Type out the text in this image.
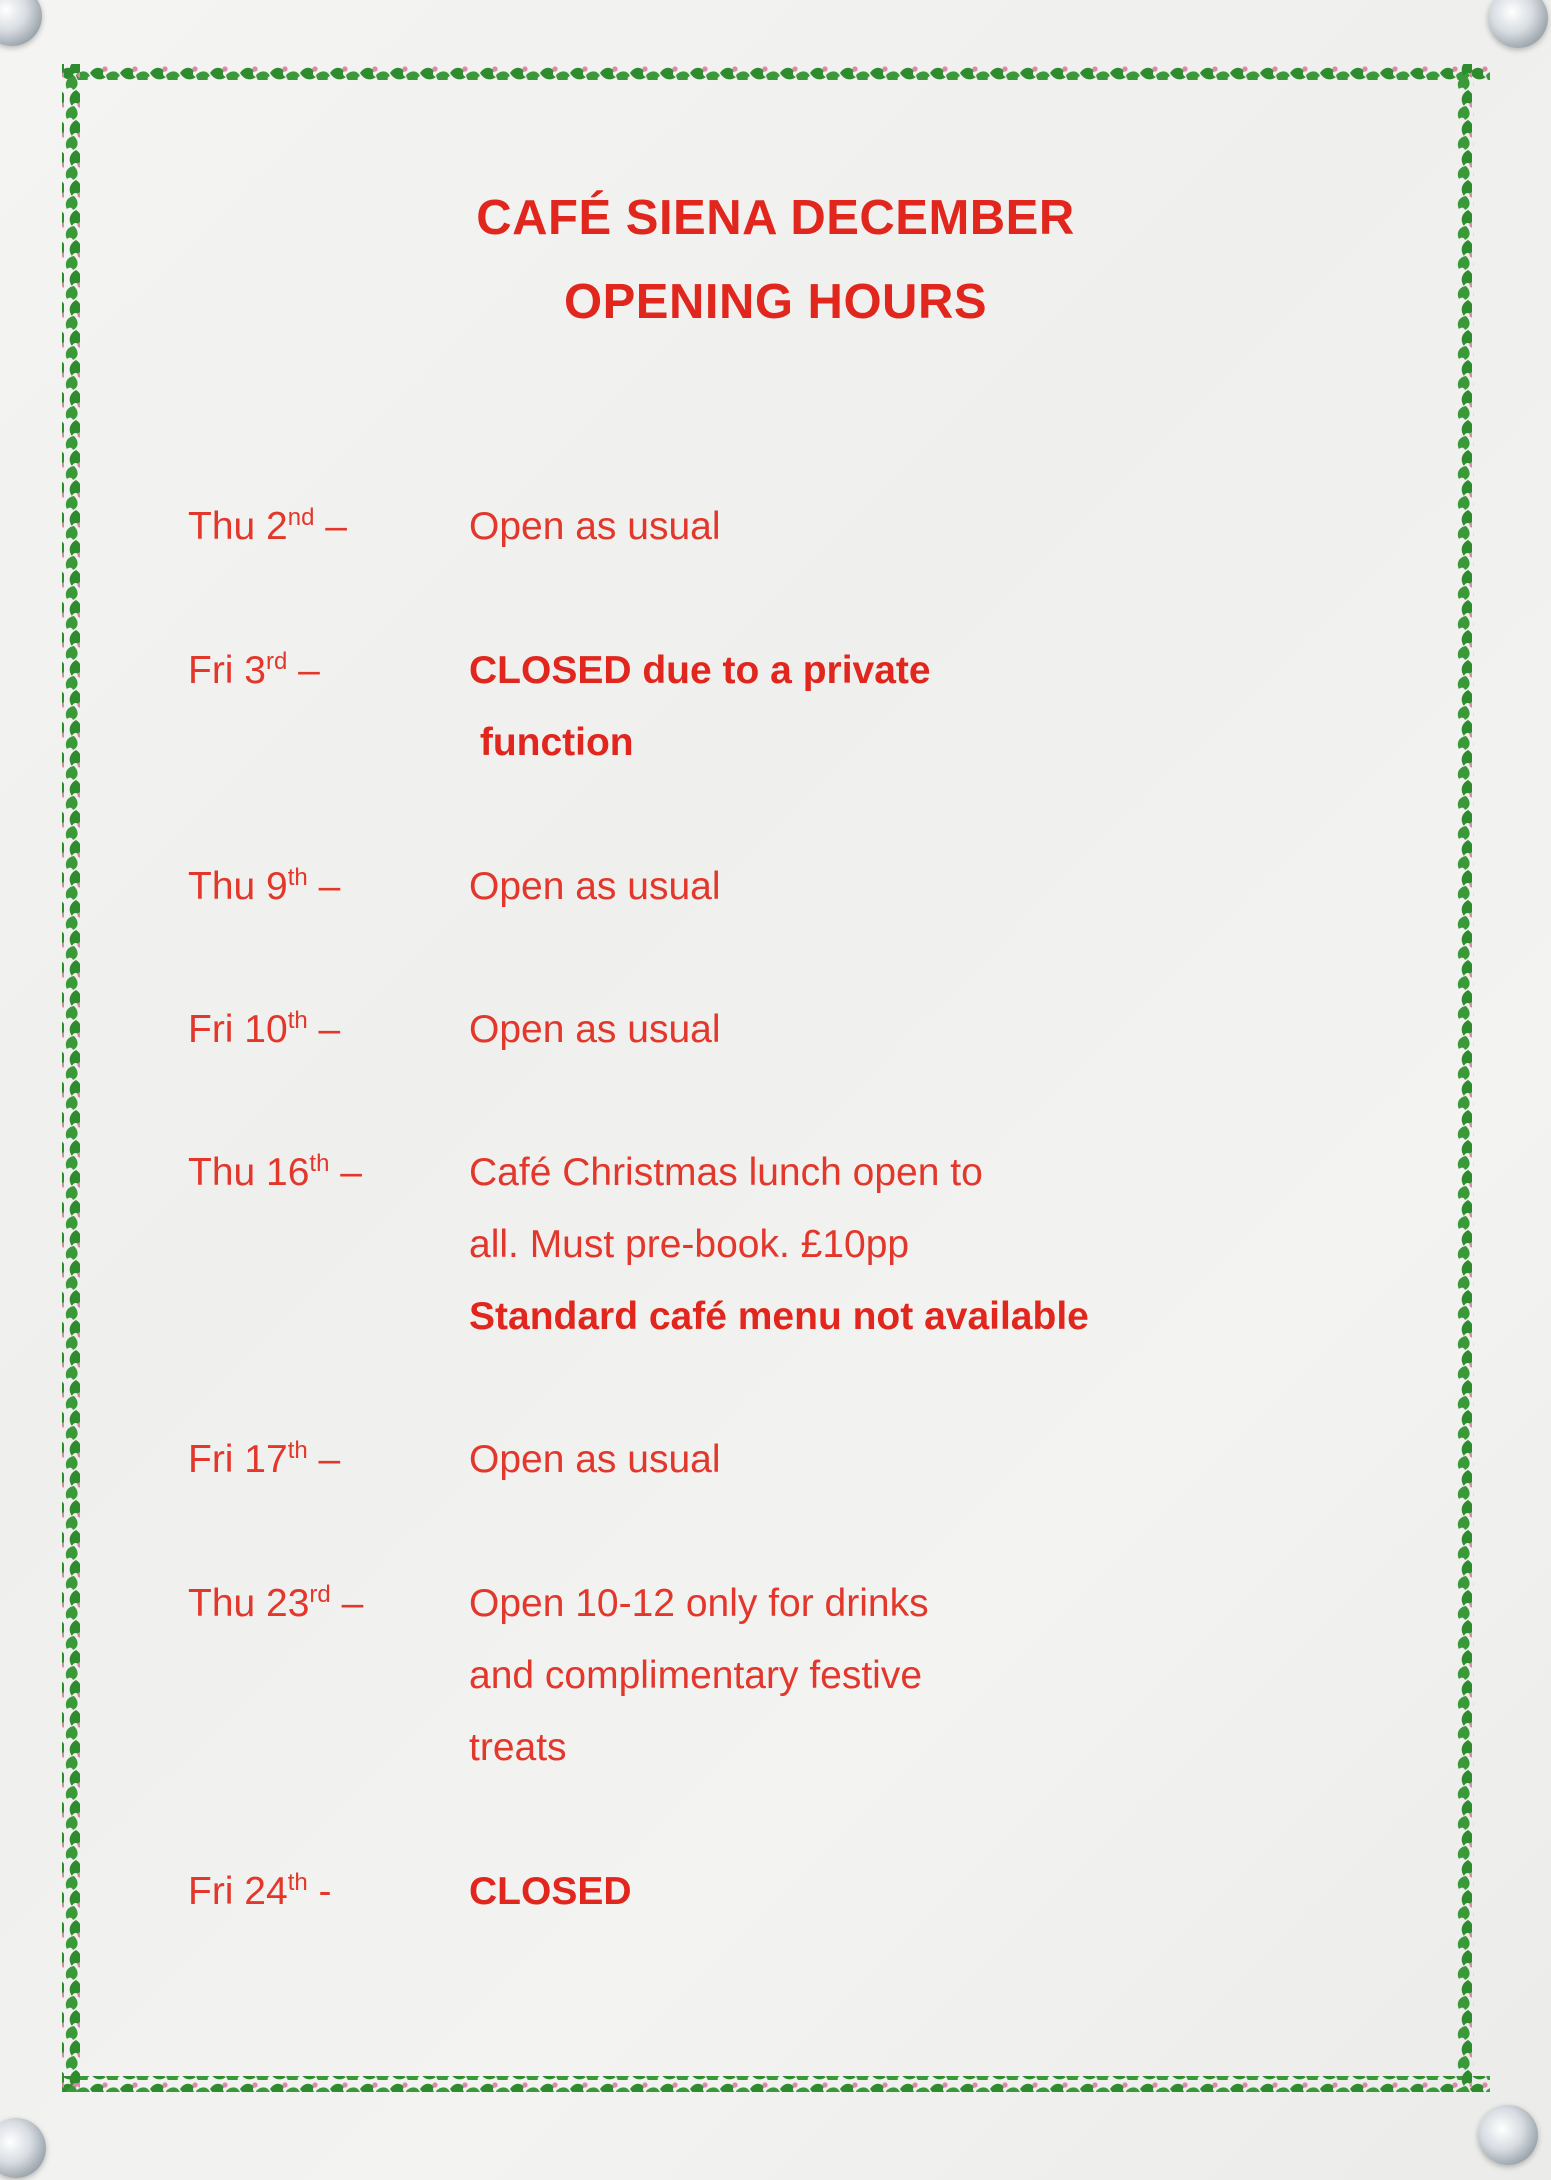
CAFÉ SIENA DECEMBER
OPENING HOURS
Thu 2nd –	Open as usual
Fri 3rd –	CLOSED due to a private
function
Thu 9th –	Open as usual
Fri 10th –	Open as usual
Thu 16th –	Café Christmas lunch open to
all. Must pre-book. £10pp
Standard café menu not available
Fri 17th –	Open as usual
Thu 23rd –	Open 10-12 only for drinks
and complimentary festive
treats
Fri 24th -	CLOSED
